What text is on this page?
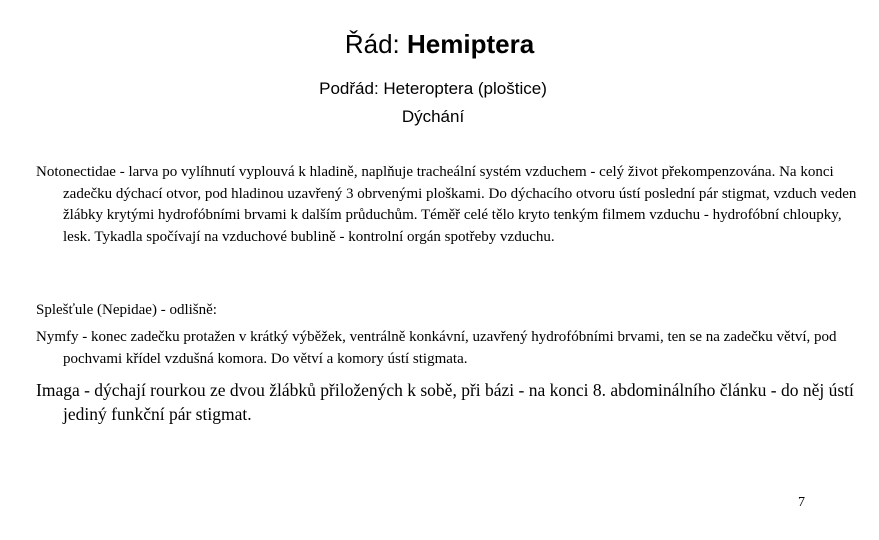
Řád: Hemiptera
Podřád: Heteroptera (ploštice)
Dýchání

Notonectidae - larva po vylíhnutí vyplouvá k hladině, naplňuje tracheální systém vzduchem - celý život překompenzována. Na konci zadečku dýchací otvor, pod hladinou uzavřený 3 obrvenými ploškami. Do dýchacího otvoru ústí poslední pár stigmat, vzduch veden žlábky krytými hydrofóbními brvami k dalším průduchům. Téměř celé tělo kryto tenkým filmem vzduchu - hydrofóbní chloupky, lesk. Tykadla spočívají na vzduchové bublině - kontrolní orgán spotřeby vzduchu.

Splešťule (Nepidae) - odlišně:

Nymfy - konec zadečku protažen v krátký výběžek, ventrálně konkávní, uzavřený hydrofóbními brvami, ten se na zadečku větví, pod pochvami křídel vzdušná komora. Do větví a komory ústí stigmata.

Imaga - dýchají rourkou ze dvou žlábků přiložených k sobě, při bázi - na konci 8. abdominálního článku - do něj ústí jediný funkční pár stigmat.

7
